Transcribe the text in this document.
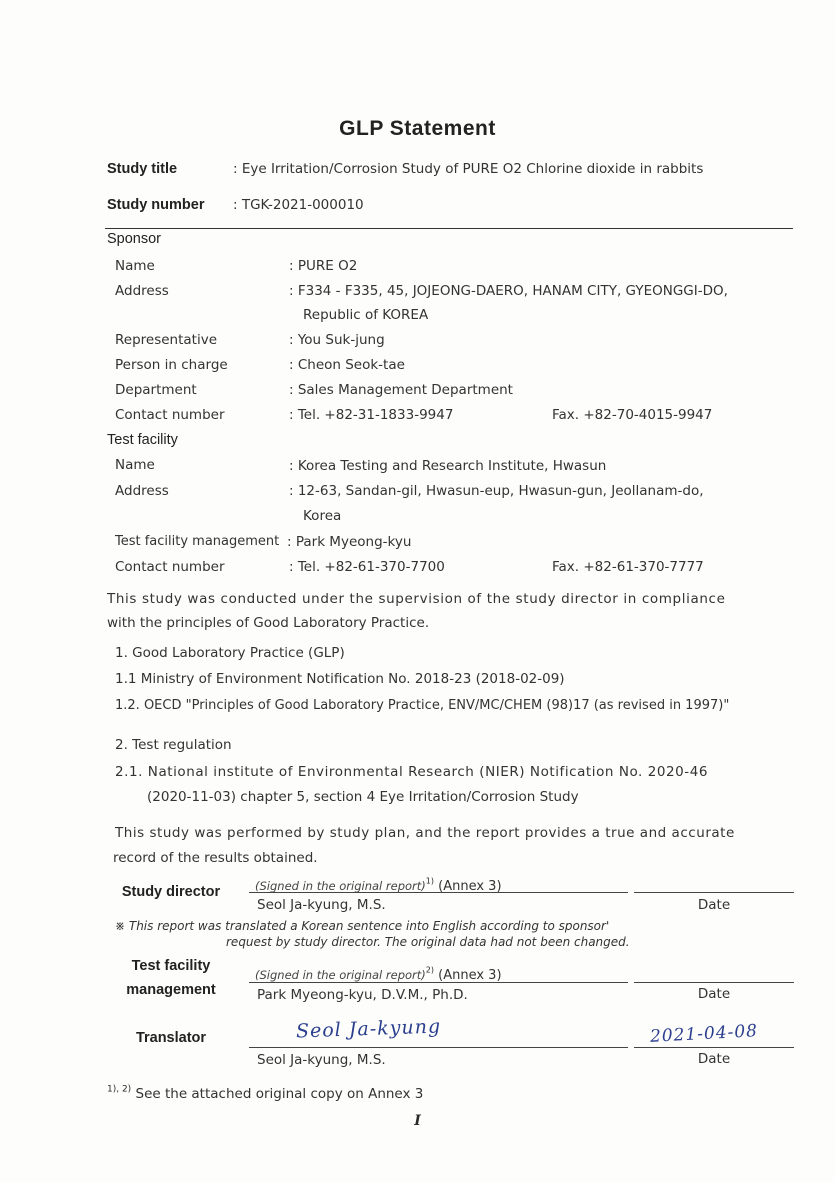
GLP Statement
Study title	: Eye Irritation/Corrosion Study of PURE O2 Chlorine dioxide in rabbits
Study number : TGK-2021-000010
Sponsor
Name	: PURE O2
Address	: F334 - F335, 45, JOJEONG-DAERO, HANAM CITY, GYEONGGI-DO,
Republic of KOREA
Representative	: You Suk-jung
Person in charge	: Cheon Seok-tae
Department	: Sales Management Department
Contact number	: Tel. +82-31-1833-9947	Fax. +82-70-4015-9947
Test facility
Name	: Korea Testing and Research Institute, Hwasun
Address	: 12-63, Sandan-gil, Hwasun-eup, Hwasun-gun, Jeollanam-do,
Korea
Test facility management : Park Myeong-kyu
Contact number	: Tel. +82-61-370-7700	Fax. +82-61-370-7777
This study was conducted under the supervision of the study director in compliance
with the principles of Good Laboratory Practice.
1. Good Laboratory Practice (GLP)
1.1 Ministry of Environment Notification No. 2018-23 (2018-02-09)
1.2. OECD "Principles of Good Laboratory Practice, ENV/MC/CHEM (98)17 (as revised in 1997)"
2. Test regulation
2.1. National institute of Environmental Research (NIER) Notification No. 2020-46
(2020-11-03) chapter 5, section 4 Eye Irritation/Corrosion Study
This study was performed by study plan, and the report provides a true and accurate
record of the results obtained.
Study director	(Signed in the original report)$^{1)}$ (Annex 3)
Seol Ja-kyung, M.S.	Date
※ This report was translated a Korean sentence into English according to sponsor'
request by study director. The original data had not been changed.
Test facility
management
(Signed in the original report)$^{2)}$ (Annex 3)
Park Myeong-kyu, D.V.M., Ph.D.	Date
Translator	Seol Ja-kyung	2021-04-08
Seol Ja-kyung, M.S.	Date
$^{1), 2)}$ See the attached original copy on Annex 3
I
